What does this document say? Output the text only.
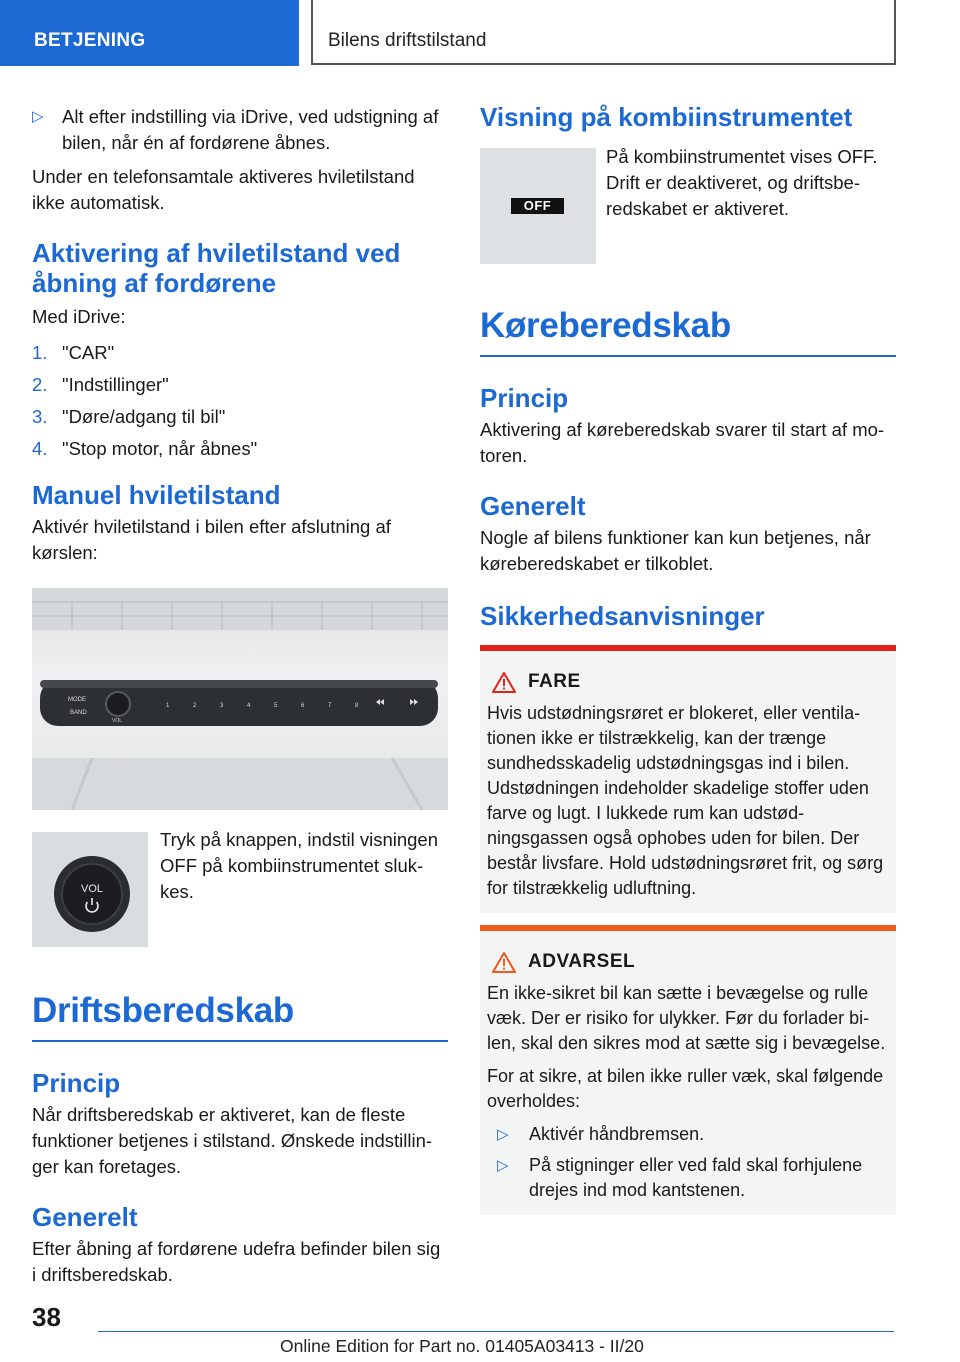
BETJENING	Bilens driftstilstand
▷ Alt efter indstilling via iDrive, ved udstigning af bilen, når én af fordørene åbnes.

Under en telefonsamtale aktiveres hviletilstand ikke automatisk.

Aktivering af hviletilstand ved åbning af fordørene

Med iDrive:

1. "CAR"
2. "Indstillinger"
3. "Døre/adgang til bil"
4. "Stop motor, når åbnes"
Manuel hviletilstand

Aktivér hviletilstand i bilen efter afslutning af kørslen:

MODE
BAND
VOL
1	2	3	4	5	6	7	8
VOL

Tryk på knappen, indstil visningen OFF på kombiinstrumentet slukkes.

Driftsberedskab
Princip

Når driftsberedskab er aktiveret, kan de fleste funktioner betjenes i stilstand. Ønskede indstillinger kan foretages.

Generelt

Efter åbning af fordørene udefra befinder bilen sig i driftsberedskab.

Visning på kombiinstrumentet
OFF

På kombiinstrumentet vises OFF. Drift er deaktiveret, og driftsberedskabet er aktiveret.

Køreberedskab
Princip

Aktivering af køreberedskab svarer til start af motoren.

Generelt

Nogle af bilens funktioner kan kun betjenes, når køreberedskabet er tilkoblet.

Sikkerhedsanvisninger
FARE

Hvis udstødningsrøret er blokeret, eller ventilationen ikke er tilstrækkelig, kan der trænge sundhedsskadelig udstødningsgas ind i bilen. Udstødningen indeholder skadelige stoffer uden farve og lugt. I lukkede rum kan udstødningsgassen også ophobes uden for bilen. Der består livsfare. Hold udstødningsrøret frit, og sørg for tilstrækkelig udluftning.

ADVARSEL

En ikke-sikret bil kan sætte i bevægelse og rulle væk. Der er risiko for ulykker. Før du forlader bilen, skal den sikres mod at sætte sig i bevægelse.

For at sikre, at bilen ikke ruller væk, skal følgende overholdes:

▷ Aktivér håndbremsen.
▷ På stigninger eller ved fald skal forhjulene drejes ind mod kantstenen.
38
Online Edition for Part no. 01405A03413 - II/20
